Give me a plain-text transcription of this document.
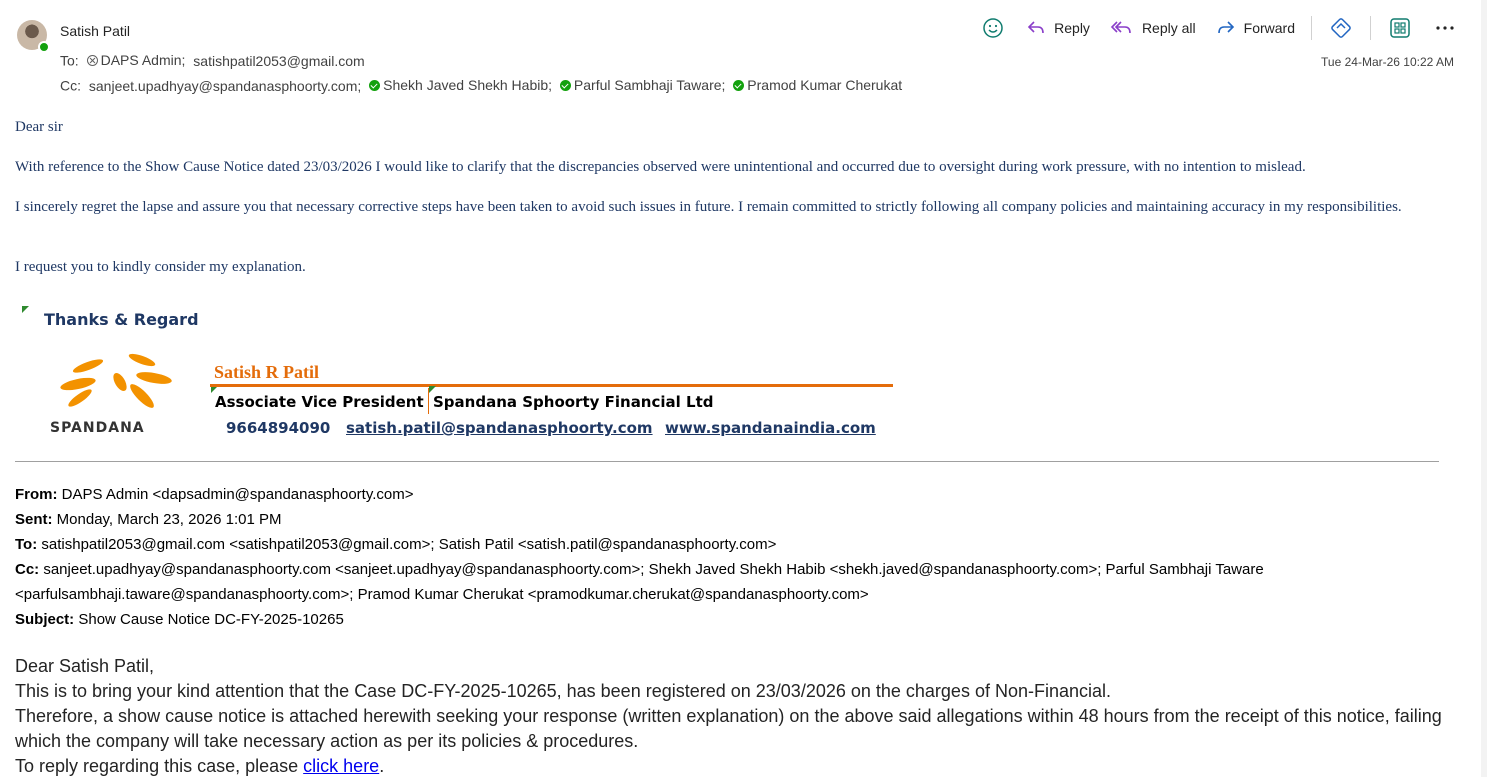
Satish Patil
To: DAPS Admin;
satishpatil2053@gmail.com
Cc: sanjeet.upadhyay@spandanasphoorty.com;
Shekh Javed Shekh Habib;
Parful Sambhaji Taware;
Pramod Kumar Cherukat
Reply	Reply all	Forward
Tue 24-Mar-26 10:22 AM
Dear sir
With reference to the Show Cause Notice dated 23/03/2026 I would like to clarify that the discrepancies observed were unintentional and occurred due to oversight during work pressure, with no intention to mislead.
I sincerely regret the lapse and assure you that necessary corrective steps have been taken to avoid such issues in future. I remain committed to strictly following all company policies and maintaining accuracy in my responsibilities.
I request you to kindly consider my explanation.
Thanks & Regard
SPANDANA
Satish R Patil
Associate Vice President Spandana Sphoorty Financial Ltd
9664894090 satish.patil@spandanasphoorty.com www.spandanaindia.com
From: DAPS Admin <dapsadmin@spandanasphoorty.com>
Sent: Monday, March 23, 2026 1:01 PM
To: satishpatil2053@gmail.com <satishpatil2053@gmail.com>; Satish Patil <satish.patil@spandanasphoorty.com>
Cc: sanjeet.upadhyay@spandanasphoorty.com <sanjeet.upadhyay@spandanasphoorty.com>; Shekh Javed Shekh Habib <shekh.javed@spandanasphoorty.com>; Parful Sambhaji Taware <parfulsambhaji.taware@spandanasphoorty.com>; Pramod Kumar Cherukat <pramodkumar.cherukat@spandanasphoorty.com>
Subject: Show Cause Notice DC-FY-2025-10265
Dear Satish Patil,
This is to bring your kind attention that the Case DC-FY-2025-10265, has been registered on 23/03/2026 on the charges of Non-Financial.
Therefore, a show cause notice is attached herewith seeking your response (written explanation) on the above said allegations within 48 hours from the receipt of this notice, failing which the company will take necessary action as per its policies & procedures.
To reply regarding this case, please click here.
